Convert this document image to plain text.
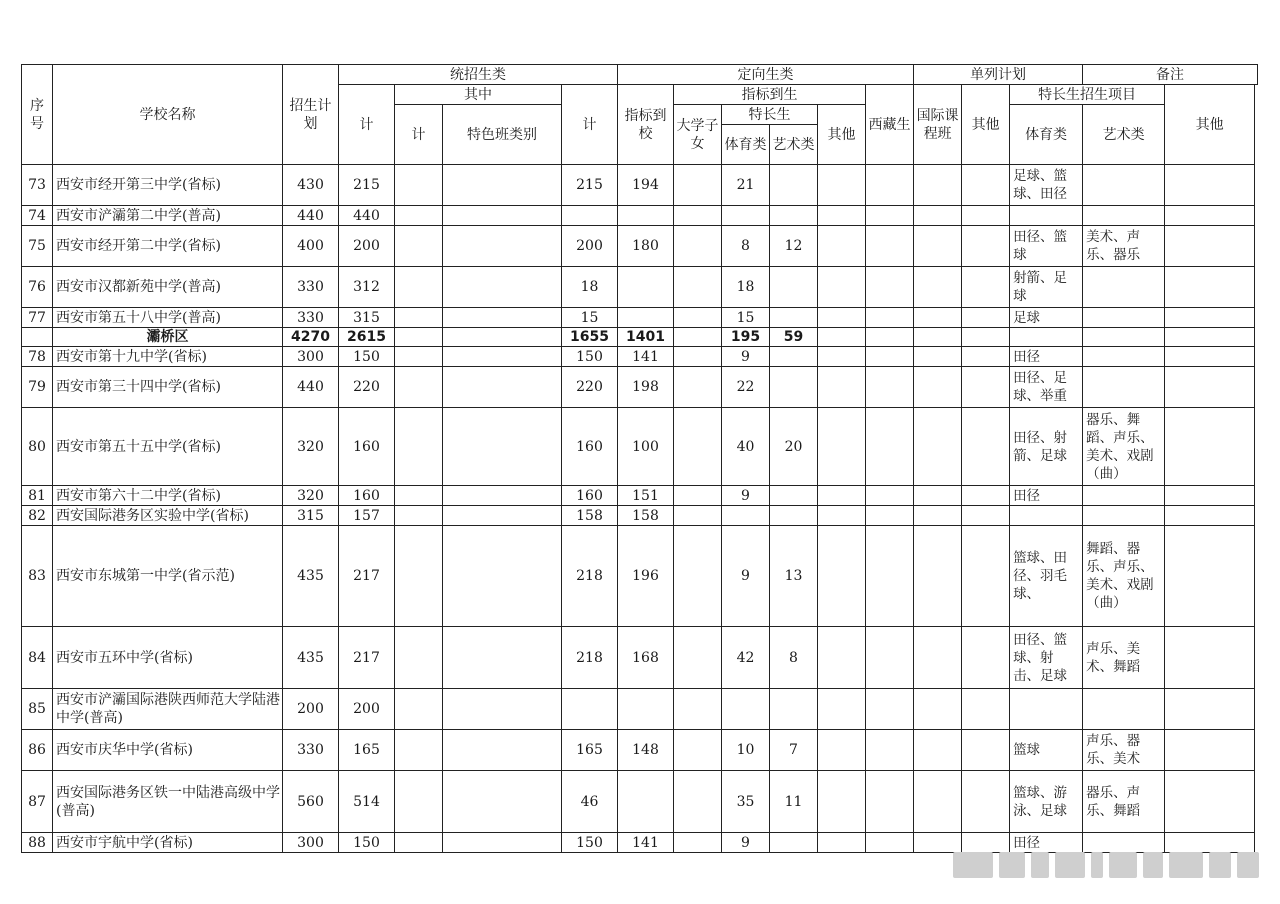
序号	学校名称	招生计划	统招生类				定向生类						单列计划			备注	
			计	其中		计	指标到校	指标到生				西藏生	国际课程班	其他	特长生招生项目		其他
				计	特色班类别			大学子女	特长生		其他				体育类	艺术类	
									体育类	艺术类							
73	西安市经开第三中学(省标)	430	215			215	194		21						足球、篮球、田径		
74	西安市浐灞第二中学(普高)	440	440														
75	西安市经开第二中学(省标)	400	200			200	180		8	12					田径、篮球	美术、声乐、器乐	
76	西安市汉都新苑中学(普高)	330	312			18			18						射箭、足球		
77	西安市第五十八中学(普高)	330	315			15			15						足球		
	灞桥区	4270	2615			1655	1401		195	59							
78	西安市第十九中学(省标)	300	150			150	141		9						田径		
79	西安市第三十四中学(省标)	440	220			220	198		22						田径、足球、举重		
80	西安市第五十五中学(省标)	320	160			160	100		40	20					田径、射箭、足球	器乐、舞蹈、声乐、美术、戏剧（曲）	
81	西安市第六十二中学(省标)	320	160			160	151		9						田径		
82	西安国际港务区实验中学(省标)	315	157			158	158										
83	西安市东城第一中学(省示范)	435	217			218	196		9	13					篮球、田径、羽毛球、	舞蹈、器乐、声乐、美术、戏剧（曲）	
84	西安市五环中学(省标)	435	217			218	168		42	8					田径、篮球、射击、足球	声乐、美术、舞蹈	
85	西安市浐灞国际港陕西师范大学陆港中学(普高)	200	200														
86	西安市庆华中学(省标)	330	165			165	148		10	7					篮球	声乐、器乐、美术	
87	西安国际港务区铁一中陆港高级中学(普高)	560	514			46			35	11					篮球、游泳、足球	器乐、声乐、舞蹈	
88	西安市宇航中学(省标)	300	150			150	141		9						田径		
